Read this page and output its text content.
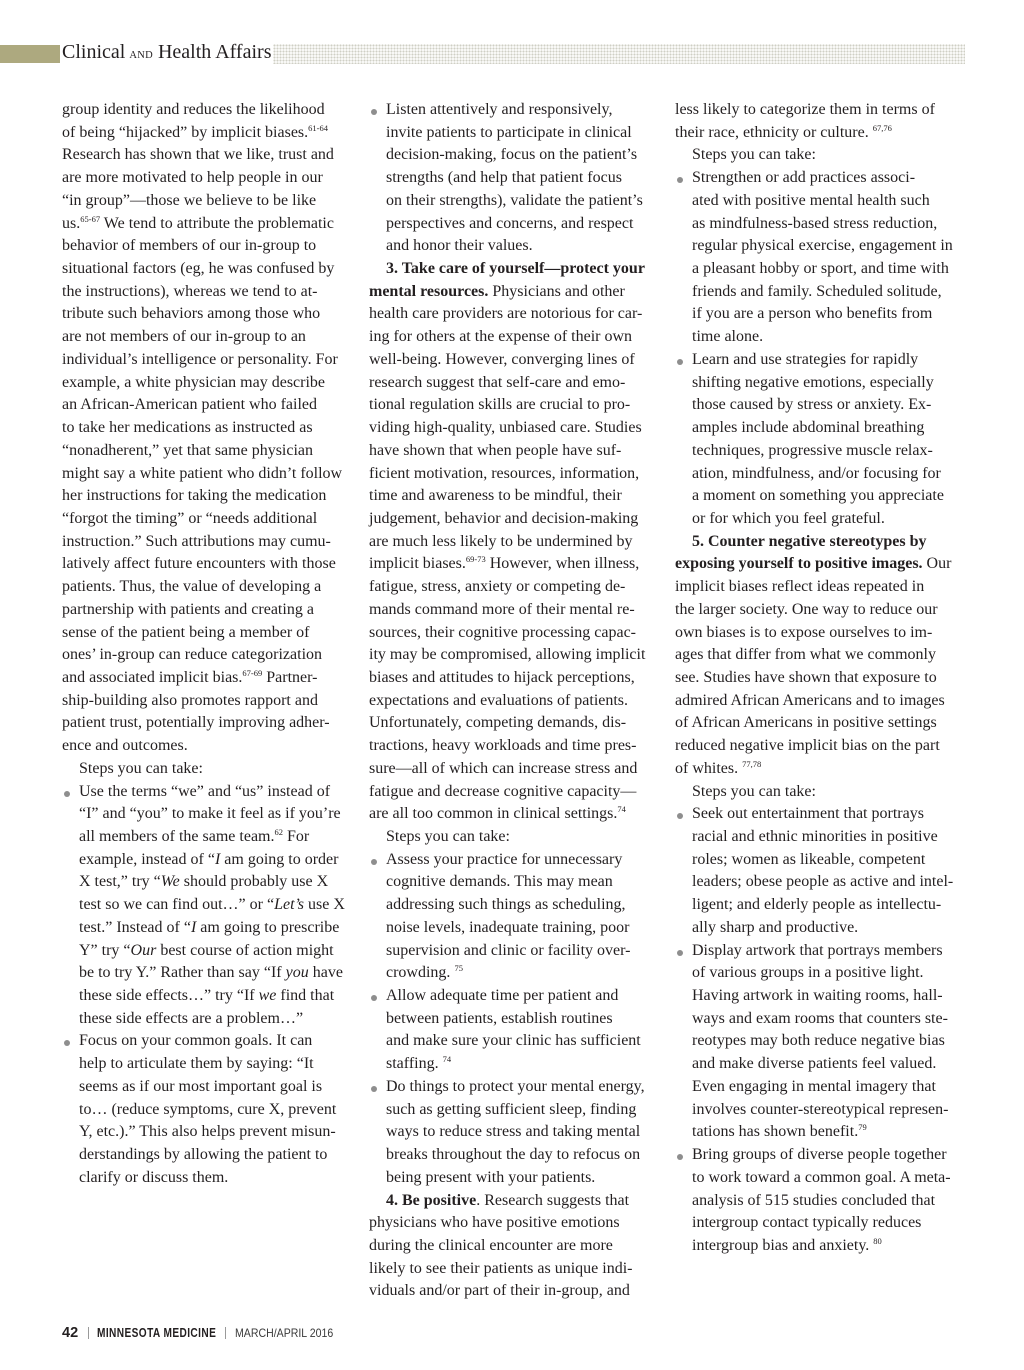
Clinical AND Health Affairs
group identity and reduces the likelihood
of being “hijacked” by implicit biases.$^{61-64}$
Research has shown that we like, trust and
are more motivated to help people in our
“in group”—those we believe to be like
us.$^{65-67}$ We tend to attribute the problematic
behavior of members of our in-group to
situational factors (eg, he was confused by
the instructions), whereas we tend to at-
tribute such behaviors among those who
are not members of our in-group to an
individual’s intelligence or personality. For
example, a white physician may describe
an African-American patient who failed
to take her medications as instructed as
“nonadherent,” yet that same physician
might say a white patient who didn’t follow
her instructions for taking the medication
“forgot the timing” or “needs additional
instruction.” Such attributions may cumu-
latively affect future encounters with those
patients. Thus, the value of developing a
partnership with patients and creating a
sense of the patient being a member of
ones’ in-group can reduce categorization
and associated implicit bias.$^{67-69}$ Partner-
ship-building also promotes rapport and
patient trust, potentially improving adher-
ence and outcomes.
Steps you can take:
Use the terms “we” and “us” instead of
“I” and “you” to make it feel as if you’re
all members of the same team.$^{62}$ For
example, instead of “I am going to order
X test,” try “We should probably use X
test so we can find out…” or “Let’s use X
test.” Instead of “I am going to prescribe
Y” try “Our best course of action might
be to try Y.” Rather than say “If you have
these side effects…” try “If we find that
these side effects are a problem…”
Focus on your common goals. It can
help to articulate them by saying: “It
seems as if our most important goal is
to… (reduce symptoms, cure X, prevent
Y, etc.).” This also helps prevent misun-
derstandings by allowing the patient to
clarify or discuss them.
Listen attentively and responsively,
invite patients to participate in clinical
decision-making, focus on the patient’s
strengths (and help that patient focus
on their strengths), validate the patient’s
perspectives and concerns, and respect
and honor their values.
3. Take care of yourself—protect your
mental resources. Physicians and other
health care providers are notorious for car-
ing for others at the expense of their own
well-being. However, converging lines of
research suggest that self-care and emo-
tional regulation skills are crucial to pro-
viding high-quality, unbiased care. Studies
have shown that when people have suf-
ficient motivation, resources, information,
time and awareness to be mindful, their
judgement, behavior and decision-making
are much less likely to be undermined by
implicit biases.$^{69-73}$ However, when illness,
fatigue, stress, anxiety or competing de-
mands command more of their mental re-
sources, their cognitive processing capac-
ity may be compromised, allowing implicit
biases and attitudes to hijack perceptions,
expectations and evaluations of patients.
Unfortunately, competing demands, dis-
tractions, heavy workloads and time pres-
sure—all of which can increase stress and
fatigue and decrease cognitive capacity—
are all too common in clinical settings.$^{74}$
Steps you can take:
Assess your practice for unnecessary
cognitive demands. This may mean
addressing such things as scheduling,
noise levels, inadequate training, poor
supervision and clinic or facility over-
crowding. $^{75}$
Allow adequate time per patient and
between patients, establish routines
and make sure your clinic has sufficient
staffing. $^{74}$
Do things to protect your mental energy,
such as getting sufficient sleep, finding
ways to reduce stress and taking mental
breaks throughout the day to refocus on
being present with your patients.
4. Be positive. Research suggests that
physicians who have positive emotions
during the clinical encounter are more
likely to see their patients as unique indi-
viduals and/or part of their in-group, and
less likely to categorize them in terms of
their race, ethnicity or culture. $^{67,76}$
Steps you can take:
Strengthen or add practices associ-
ated with positive mental health such
as mindfulness-based stress reduction,
regular physical exercise, engagement in
a pleasant hobby or sport, and time with
friends and family. Scheduled solitude,
if you are a person who benefits from
time alone.
Learn and use strategies for rapidly
shifting negative emotions, especially
those caused by stress or anxiety. Ex-
amples include abdominal breathing
techniques, progressive muscle relax-
ation, mindfulness, and/or focusing for
a moment on something you appreciate
or for which you feel grateful.
5. Counter negative stereotypes by
exposing yourself to positive images. Our
implicit biases reflect ideas repeated in
the larger society. One way to reduce our
own biases is to expose ourselves to im-
ages that differ from what we commonly
see. Studies have shown that exposure to
admired African Americans and to images
of African Americans in positive settings
reduced negative implicit bias on the part
of whites. $^{77,78}$
Steps you can take:
Seek out entertainment that portrays
racial and ethnic minorities in positive
roles; women as likeable, competent
leaders; obese people as active and intel-
ligent; and elderly people as intellectu-
ally sharp and productive.
Display artwork that portrays members
of various groups in a positive light.
Having artwork in waiting rooms, hall-
ways and exam rooms that counters ste-
reotypes may both reduce negative bias
and make diverse patients feel valued.
Even engaging in mental imagery that
involves counter-stereotypical represen-
tations has shown benefit.$^{79}$
Bring groups of diverse people together
to work toward a common goal. A meta-
analysis of 515 studies concluded that
intergroup contact typically reduces
intergroup bias and anxiety. $^{80}$
42 MINNESOTA MEDICINE MARCH/APRIL 2016
